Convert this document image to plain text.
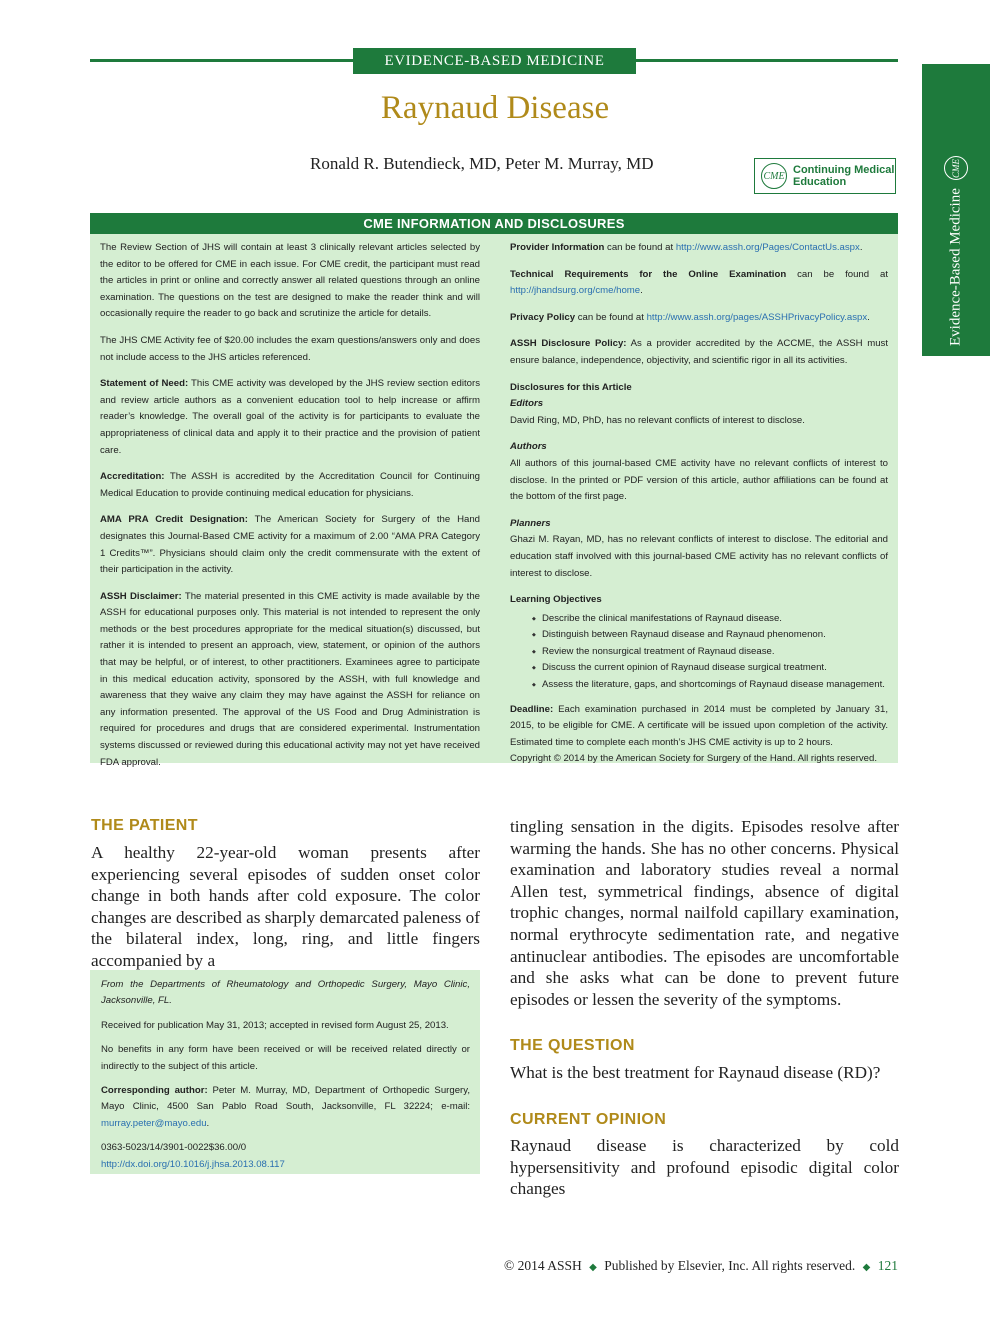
EVIDENCE-BASED MEDICINE
Raynaud Disease
Ronald R. Butendieck, MD, Peter M. Murray, MD
CME Continuing Medical
Education
Evidence-Based Medicine
CME
CME INFORMATION AND DISCLOSURES

The Review Section of JHS will contain at least 3 clinically relevant articles selected by the editor to be offered for CME in each issue. For CME credit, the participant must read the articles in print or online and correctly answer all related questions through an online examination. The questions on the test are designed to make the reader think and will occasionally require the reader to go back and scrutinize the article for details.

The JHS CME Activity fee of $20.00 includes the exam questions/answers only and does not include access to the JHS articles referenced.

Statement of Need: This CME activity was developed by the JHS review section editors and review article authors as a convenient education tool to help increase or affirm reader’s knowledge. The overall goal of the activity is for participants to evaluate the appropriateness of clinical data and apply it to their practice and the provision of patient care.

Accreditation: The ASSH is accredited by the Accreditation Council for Continuing Medical Education to provide continuing medical education for physicians.

AMA PRA Credit Designation: The American Society for Surgery of the Hand designates this Journal-Based CME activity for a maximum of 2.00 “AMA PRA Category 1 Credits™”. Physicians should claim only the credit commensurate with the extent of their participation in the activity.

ASSH Disclaimer: The material presented in this CME activity is made available by the ASSH for educational purposes only. This material is not intended to represent the only methods or the best procedures appropriate for the medical situation(s) discussed, but rather it is intended to present an approach, view, statement, or opinion of the authors that may be helpful, or of interest, to other practitioners. Examinees agree to participate in this medical education activity, sponsored by the ASSH, with full knowledge and awareness that they waive any claim they may have against the ASSH for reliance on any information presented. The approval of the US Food and Drug Administration is required for procedures and drugs that are considered experimental. Instrumentation systems discussed or reviewed during this educational activity may not yet have received FDA approval.

Provider Information can be found at http://www.assh.org/Pages/ContactUs.aspx.

Technical Requirements for the Online Examination can be found at http://jhandsurg.org/cme/home.

Privacy Policy can be found at http://www.assh.org/pages/ASSHPrivacyPolicy.aspx.

ASSH Disclosure Policy: As a provider accredited by the ACCME, the ASSH must ensure balance, independence, objectivity, and scientific rigor in all its activities.

Disclosures for this Article
Editors
David Ring, MD, PhD, has no relevant conflicts of interest to disclose.

Authors
All authors of this journal-based CME activity have no relevant conflicts of interest to disclose. In the printed or PDF version of this article, author affiliations can be found at the bottom of the first page.

Planners
Ghazi M. Rayan, MD, has no relevant conflicts of interest to disclose. The editorial and education staff involved with this journal-based CME activity has no relevant conflicts of interest to disclose.

Learning Objectives
◆ Describe the clinical manifestations of Raynaud disease.
◆ Distinguish between Raynaud disease and Raynaud phenomenon.
◆ Review the nonsurgical treatment of Raynaud disease.
◆ Discuss the current opinion of Raynaud disease surgical treatment.
◆ Assess the literature, gaps, and shortcomings of Raynaud disease management.

Deadline: Each examination purchased in 2014 must be completed by January 31, 2015, to be eligible for CME. A certificate will be issued upon completion of the activity. Estimated time to complete each month’s JHS CME activity is up to 2 hours.

Copyright © 2014 by the American Society for Surgery of the Hand. All rights reserved.

THE PATIENT
A healthy 22-year-old woman presents after experiencing several episodes of sudden onset color change in both hands after cold exposure. The color changes are described as sharply demarcated paleness of the bilateral index, long, ring, and little fingers accompanied by a

From the Departments of Rheumatology and Orthopedic Surgery, Mayo Clinic, Jacksonville, FL.

Received for publication May 31, 2013; accepted in revised form August 25, 2013.

No benefits in any form have been received or will be received related directly or indirectly to the subject of this article.

Corresponding author: Peter M. Murray, MD, Department of Orthopedic Surgery, Mayo Clinic, 4500 San Pablo Road South, Jacksonville, FL 32224; e-mail: murray.peter@mayo.edu.

0363-5023/14/3901-0022$36.00/0
http://dx.doi.org/10.1016/j.jhsa.2013.08.117

tingling sensation in the digits. Episodes resolve after warming the hands. She has no other concerns. Physical examination and laboratory studies reveal a normal Allen test, symmetrical findings, absence of digital trophic changes, normal nailfold capillary examination, normal erythrocyte sedimentation rate, and negative antinuclear antibodies. The episodes are uncomfortable and she asks what can be done to prevent future episodes or lessen the severity of the symptoms.
THE QUESTION
What is the best treatment for Raynaud disease (RD)?
CURRENT OPINION
Raynaud disease is characterized by cold hypersensitivity and profound episodic digital color changes
© 2014 ASSH ◆ Published by Elsevier, Inc. All rights reserved. ◆ 121
